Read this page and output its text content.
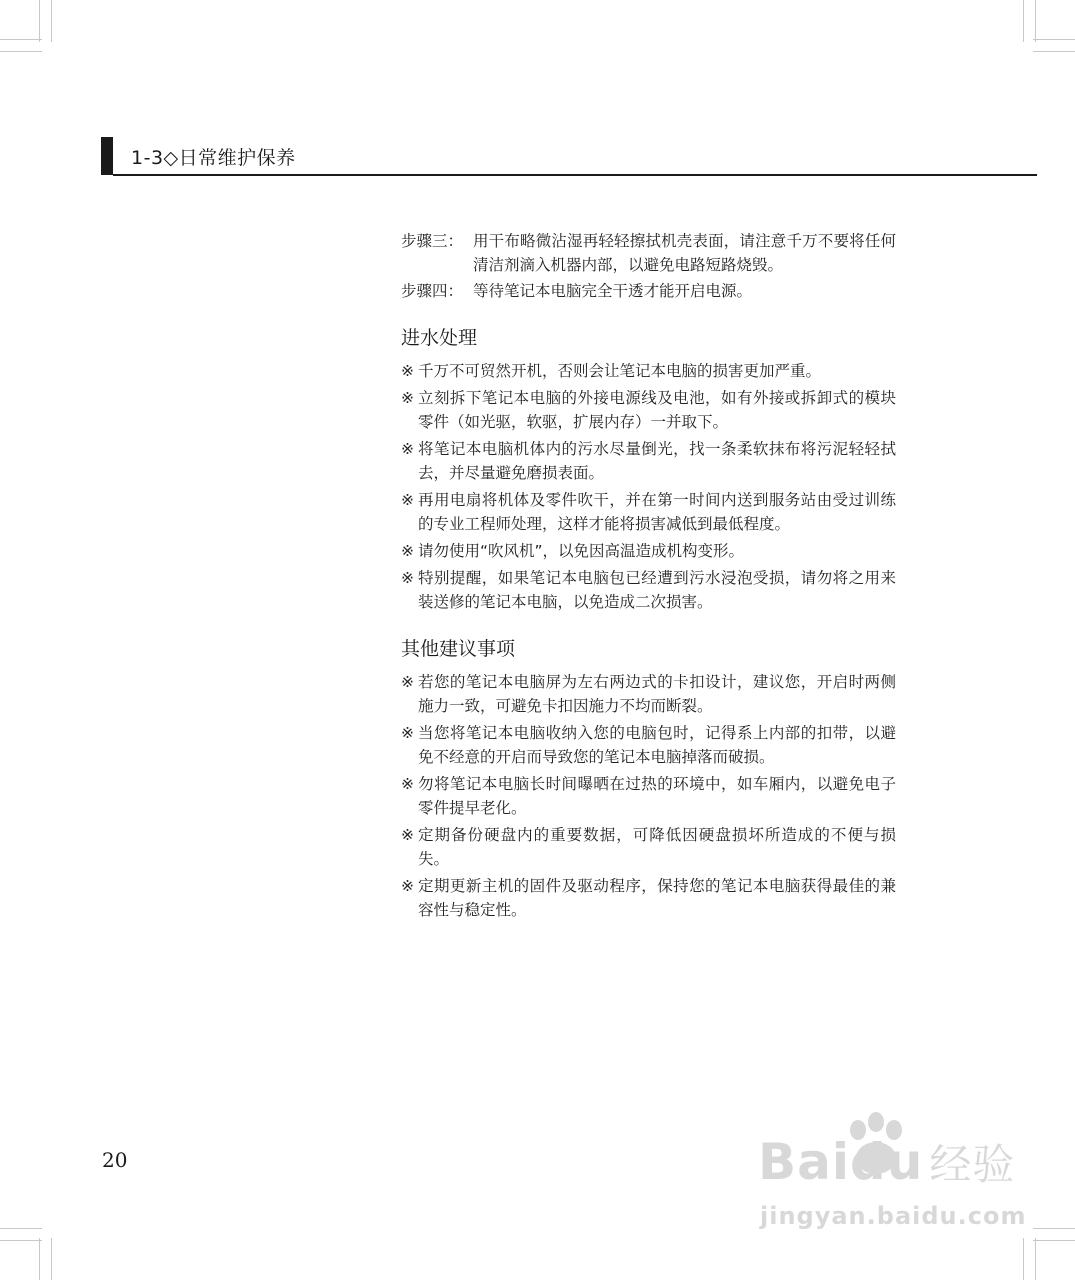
1-3◇日常维护保养
步骤三： 用干布略微沾湿再轻轻擦拭机壳表面，请注意千万不要将任何清洁剂滴入机器内部，以避免电路短路烧毁。
步骤四： 等待笔记本电脑完全干透才能开启电源。
进水处理
※ 千万不可贸然开机，否则会让笔记本电脑的损害更加严重。
※ 立刻拆下笔记本电脑的外接电源线及电池，如有外接或拆卸式的模块零件（如光驱，软驱，扩展内存）一并取下。
※ 将笔记本电脑机体内的污水尽量倒光，找一条柔软抹布将污泥轻轻拭去，并尽量避免磨损表面。
※ 再用电扇将机体及零件吹干，并在第一时间内送到服务站由受过训练的专业工程师处理，这样才能将损害减低到最低程度。
※ 请勿使用“吹风机”，以免因高温造成机构变形。
※ 特别提醒，如果笔记本电脑包已经遭到污水浸泡受损，请勿将之用来装送修的笔记本电脑，以免造成二次损害。
其他建议事项
※ 若您的笔记本电脑屏为左右两边式的卡扣设计，建议您，开启时两侧施力一致，可避免卡扣因施力不均而断裂。
※ 当您将笔记本电脑收纳入您的电脑包时，记得系上内部的扣带，以避免不经意的开启而导致您的笔记本电脑掉落而破损。
※ 勿将笔记本电脑长时间曝晒在过热的环境中，如车厢内，以避免电子零件提早老化。
※ 定期备份硬盘内的重要数据，可降低因硬盘损坏所造成的不便与损失。
※ 定期更新主机的固件及驱动程序，保持您的笔记本电脑获得最佳的兼容性与稳定性。
20	Baidu 经验
jingyan.baidu.com
